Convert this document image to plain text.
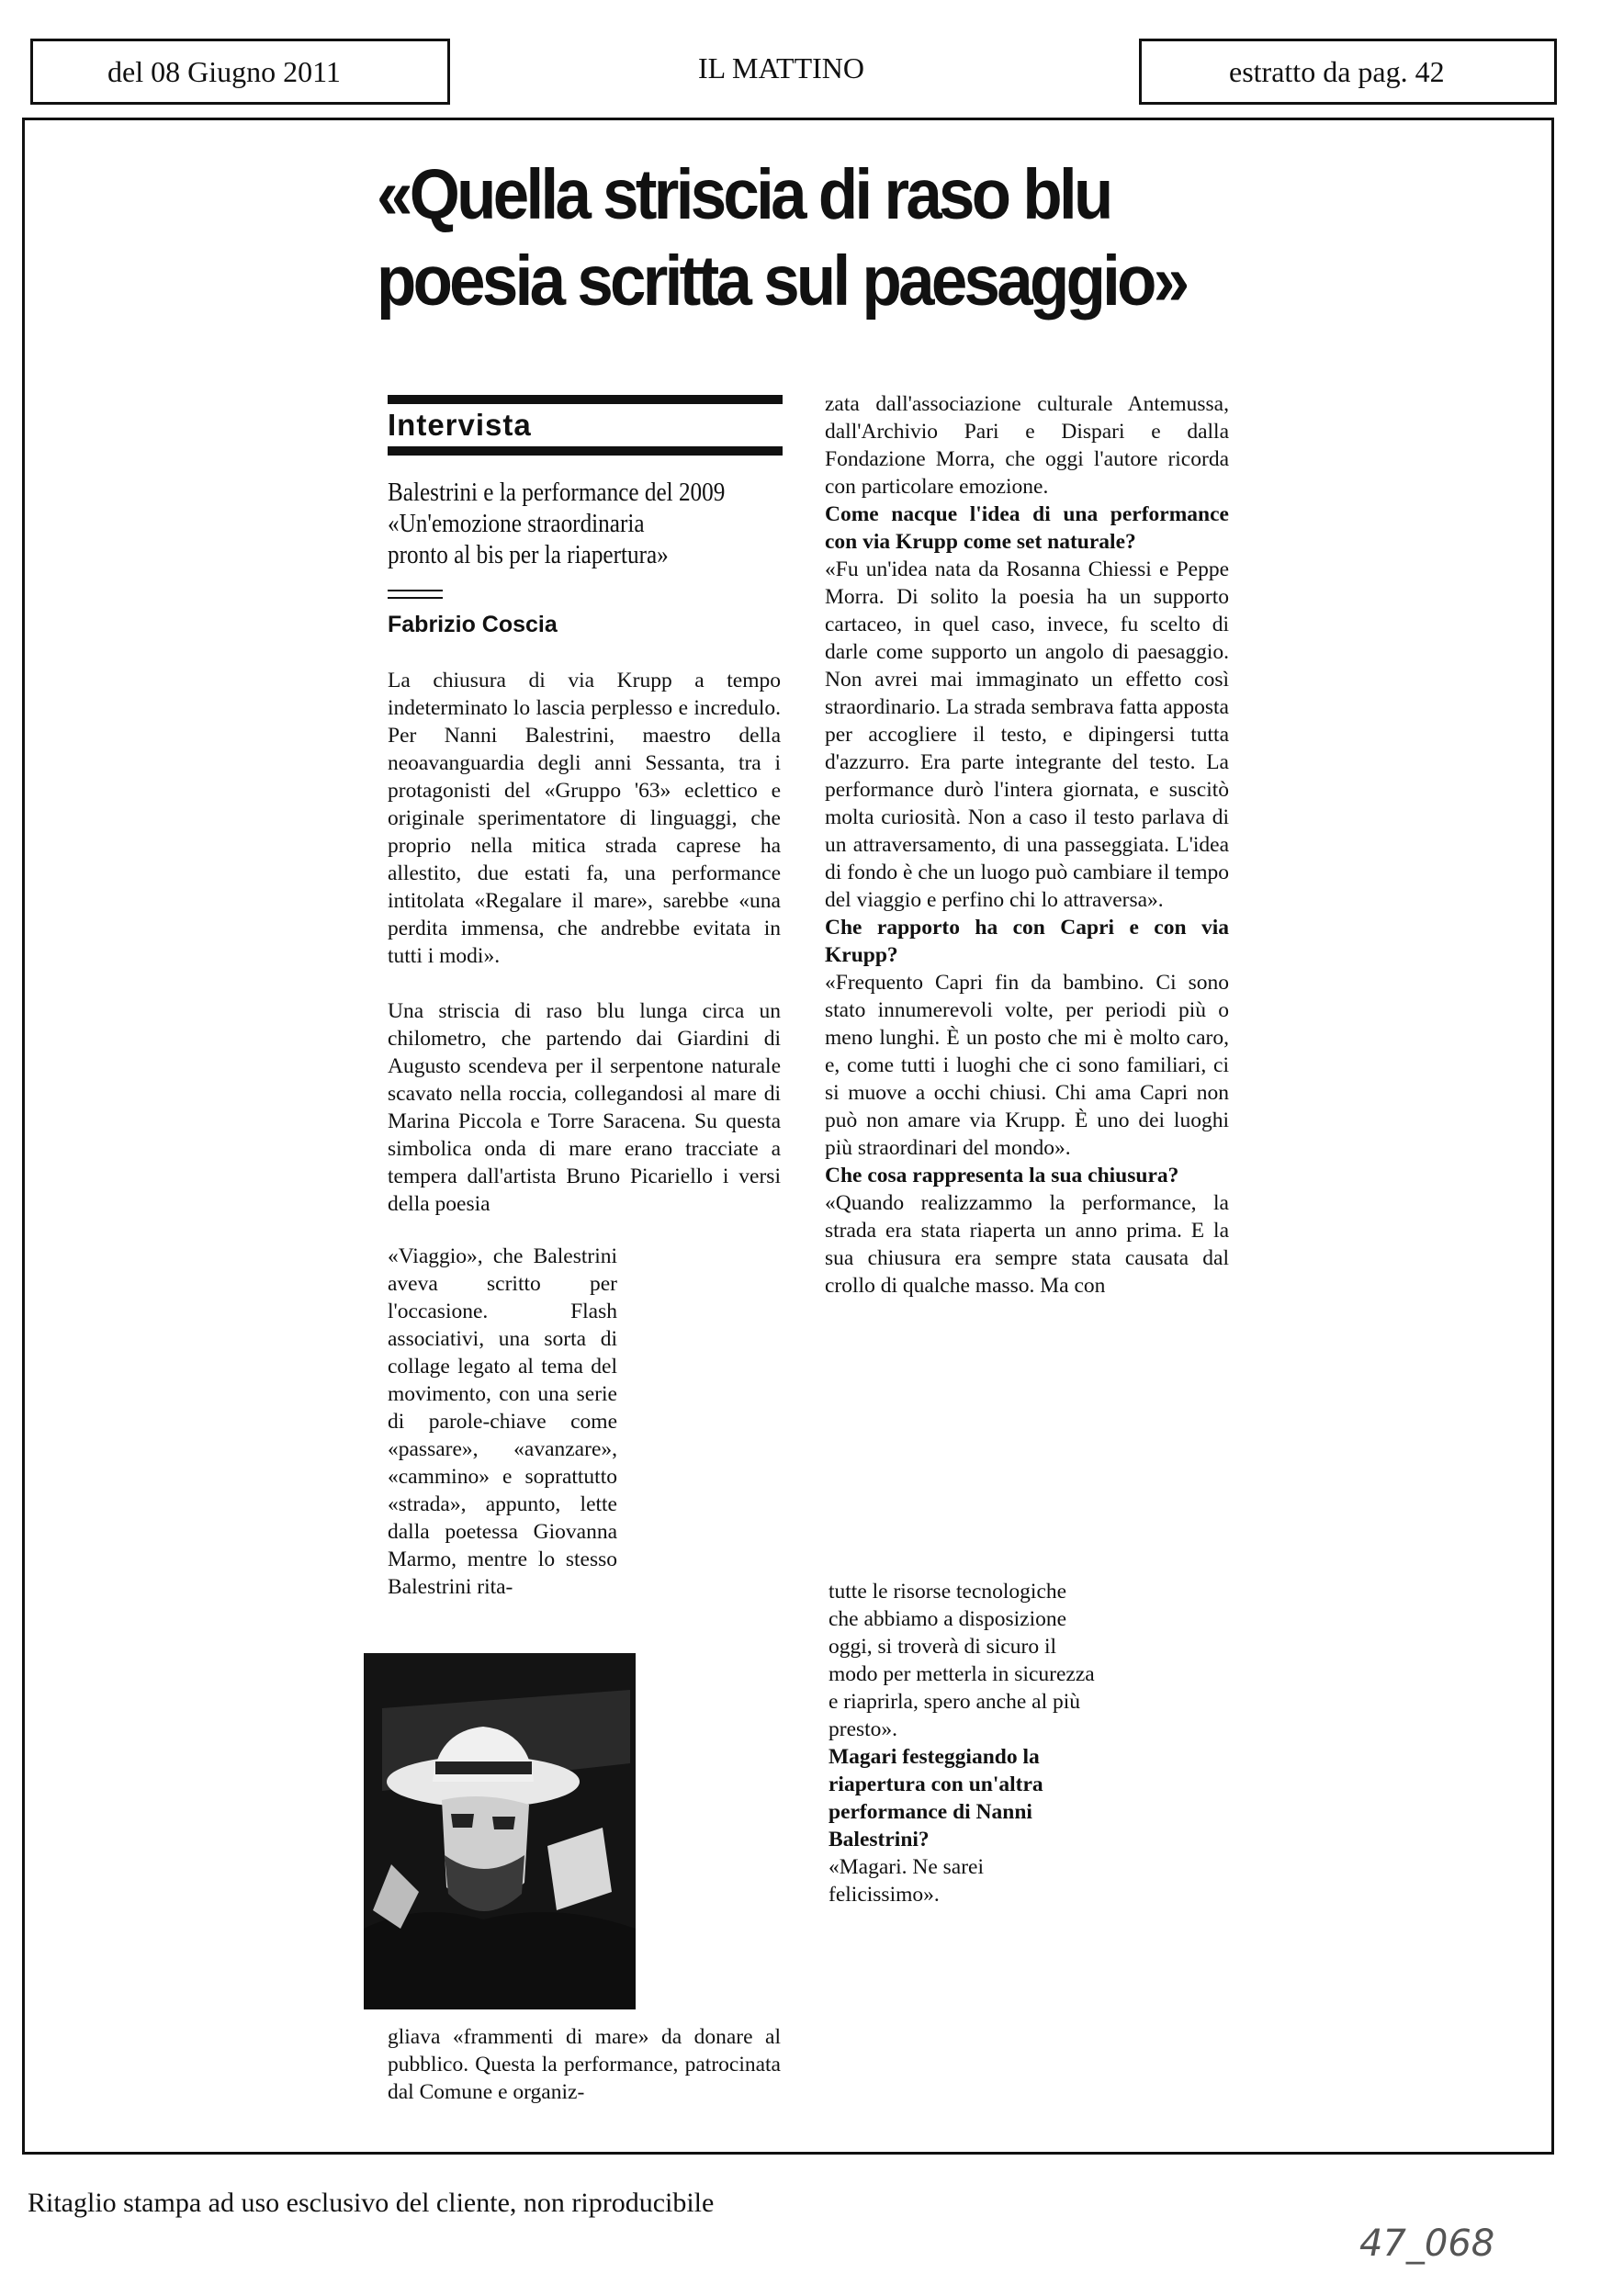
del 08 Giugno 2011	IL MATTINO	estratto da pag. 42
«Quella striscia di raso blu
poesia scritta sul paesaggio»
Intervista
Balestrini e la performance del 2009
«Un'emozione straordinaria
pronto al bis per la riapertura»
Fabrizio Coscia

La chiusura di via Krupp a tempo indeterminato lo lascia perplesso e incredulo. Per Nanni Balestrini, maestro della neoavanguardia degli anni Sessanta, tra i protagonisti del «Gruppo '63» eclettico e originale sperimentatore di linguaggi, che proprio nella mitica strada caprese ha allestito, due estati fa, una performance intitolata «Regalare il mare», sarebbe «una perdita immensa, che andrebbe evitata in tutti i modi».

Una striscia di raso blu lunga circa un chilometro, che partendo dai Giardini di Augusto scendeva per il serpentone naturale scavato nella roccia, collegandosi al mare di Marina Piccola e Torre Saracena. Su questa simbolica onda di mare erano tracciate a tempera dall'artista Bruno Picariello i versi della poesia

«Viaggio», che Balestrini aveva scritto per l'occasione. Flash associativi, una sorta di collage legato al tema del movimento, con una serie di parole-chiave come «passare», «avanzare», «cammino» e soprattutto «strada», appunto, lette dalla poetessa Giovanna Marmo, mentre lo stesso Balestrini rita-

gliava «frammenti di mare» da donare al pubblico. Questa la performance, patrocinata dal Comune e organiz-

zata dall'associazione culturale Antemussa, dall'Archivio Pari e Dispari e dalla Fondazione Morra, che oggi l'autore ricorda con particolare emozione.

Come nacque l'idea di una performance con via Krupp come set naturale?

«Fu un'idea nata da Rosanna Chiessi e Peppe Morra. Di solito la poesia ha un supporto cartaceo, in quel caso, invece, fu scelto di darle come supporto un angolo di paesaggio. Non avrei mai immaginato un effetto così straordinario. La strada sembrava fatta apposta per accogliere il testo, e dipingersi tutta d'azzurro. Era parte integrante del testo. La performance durò l'intera giornata, e suscitò molta curiosità. Non a caso il testo parlava di un attraversamento, di una passeggiata. L'idea di fondo è che un luogo può cambiare il tempo del viaggio e perfino chi lo attraversa».

Che rapporto ha con Capri e con via Krupp?

«Frequento Capri fin da bambino. Ci sono stato innumerevoli volte, per periodi più o meno lunghi. È un posto che mi è molto caro, e, come tutti i luoghi che ci sono familiari, ci si muove a occhi chiusi. Chi ama Capri non può non amare via Krupp. È uno dei luoghi più straordinari del mondo».

Che cosa rappresenta la sua chiusura?

«Quando realizzammo la performance, la strada era stata riaperta un anno prima. E la sua chiusura era sempre stata causata dal crollo di qualche masso. Ma con

tutte le risorse tecnologiche che abbiamo a disposizione oggi, si troverà di sicuro il modo per metterla in sicurezza e riaprirla, spero anche al più presto».

Magari festeggiando la riapertura con un'altra performance di Nanni Balestrini?

«Magari. Ne sarei felicissimo».

Ritaglio stampa ad uso esclusivo del cliente, non riproducibile
47_068
